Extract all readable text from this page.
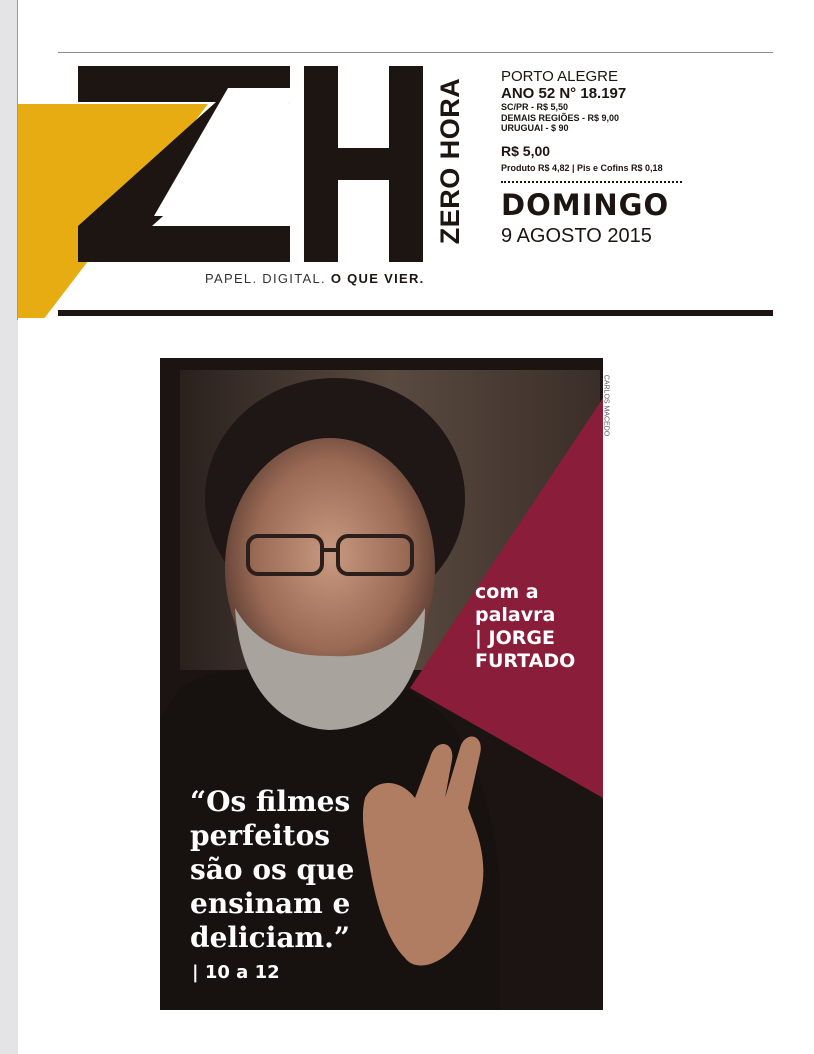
ZERO HORA
PAPEL. DIGITAL. O QUE VIER.
PORTO ALEGRE
ANO 52 N° 18.197
SC/PR - R$ 5,50
DEMAIS REGIÕES - R$ 9,00
URUGUAI - $ 90
R$ 5,00
Produto R$ 4,82 | Pis e Cofins R$ 0,18
DOMINGO
9 AGOSTO 2015
CARLOS MACEDO
com a
palavra
| JORGE
FURTADO
“Os filmes
perfeitos
são os que
ensinam e
deliciam.”
| 10 a 12
